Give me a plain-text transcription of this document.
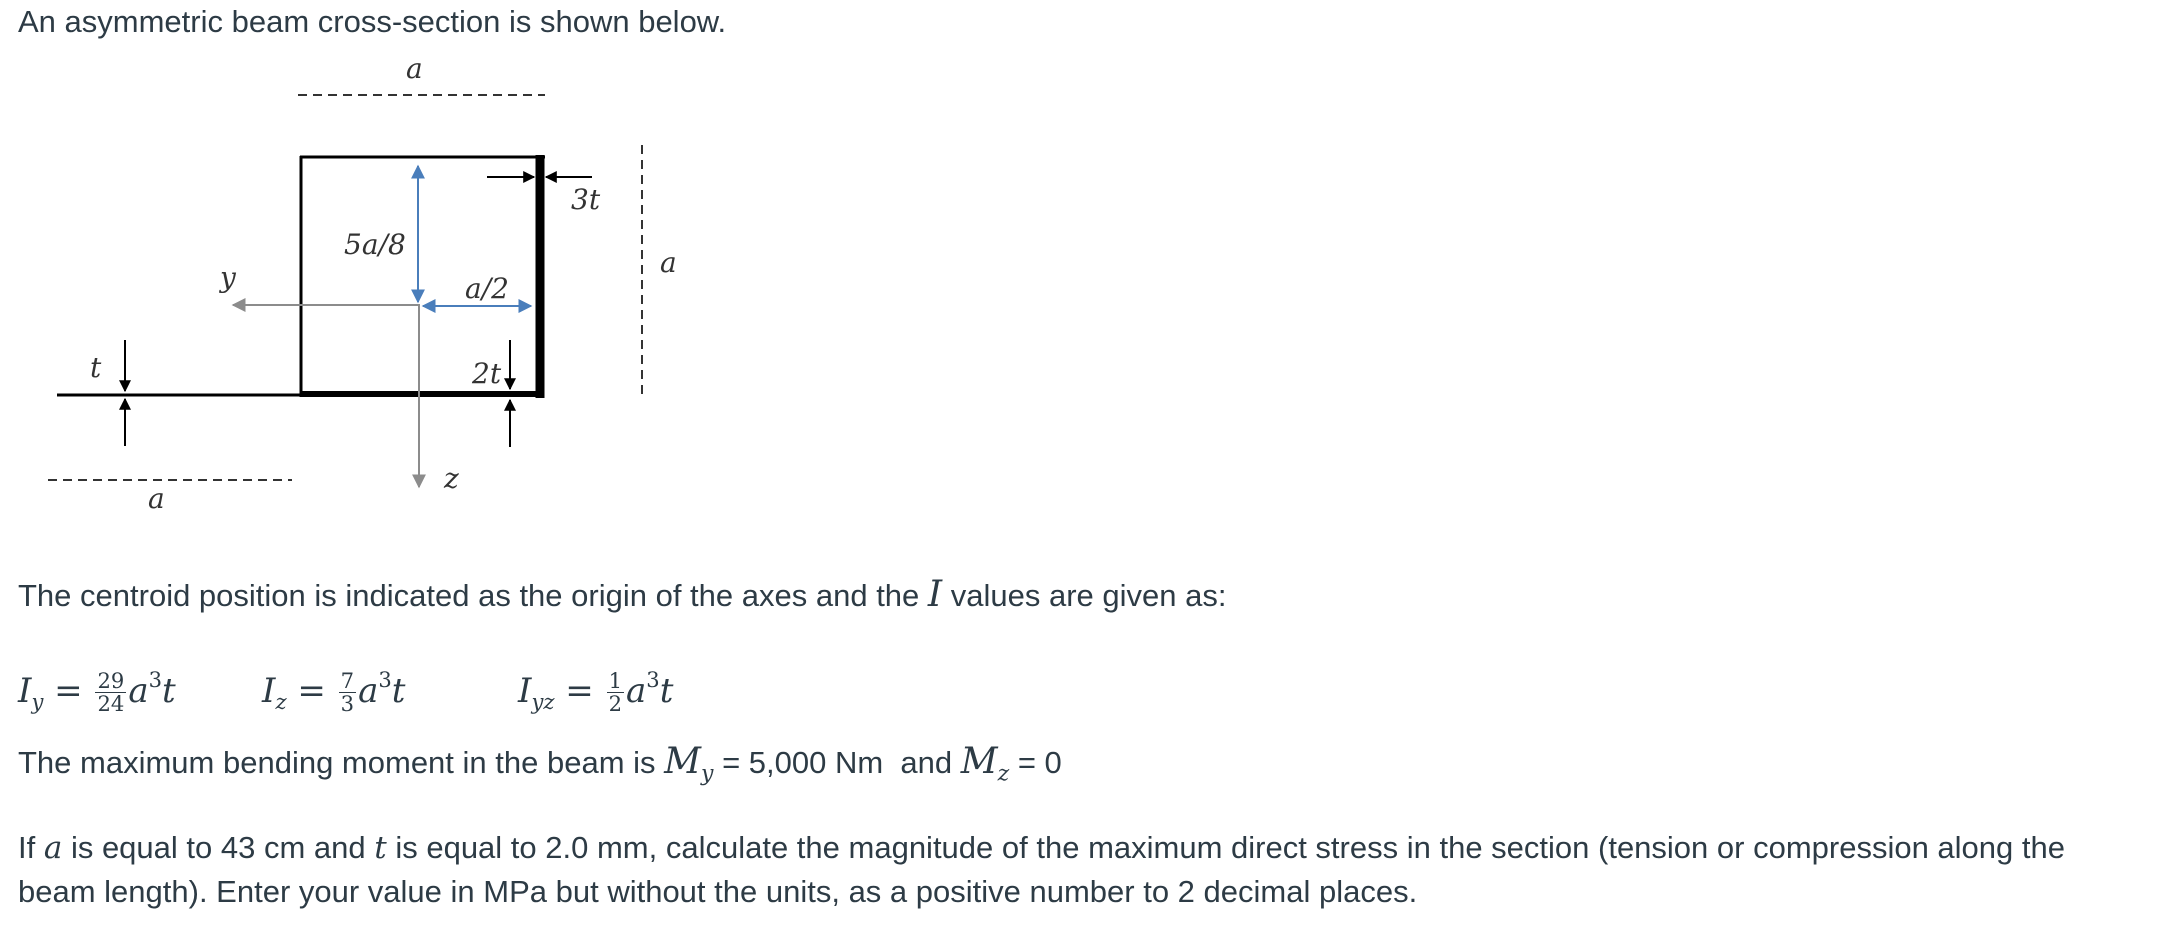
An asymmetric beam cross-section is shown below.

a
a
a
3t
5a/8
a/2
2t
t
y
z

The centroid position is indicated as the origin of the axes and the I values are given as:

$I_y = \frac{29}{24} a^3t$	$I_z = \frac{7}{3} a^3t$	$I_{yz} = \frac{1}{2} a^3t$

The maximum bending moment in the beam is $M_y = 5,000$ Nm  and $M_z = 0$

If a is equal to 43 cm and t is equal to 2.0 mm, calculate the magnitude of the maximum direct stress in the section (tension or compression along the beam length). Enter your value in MPa but without the units, as a positive number to 2 decimal places.
